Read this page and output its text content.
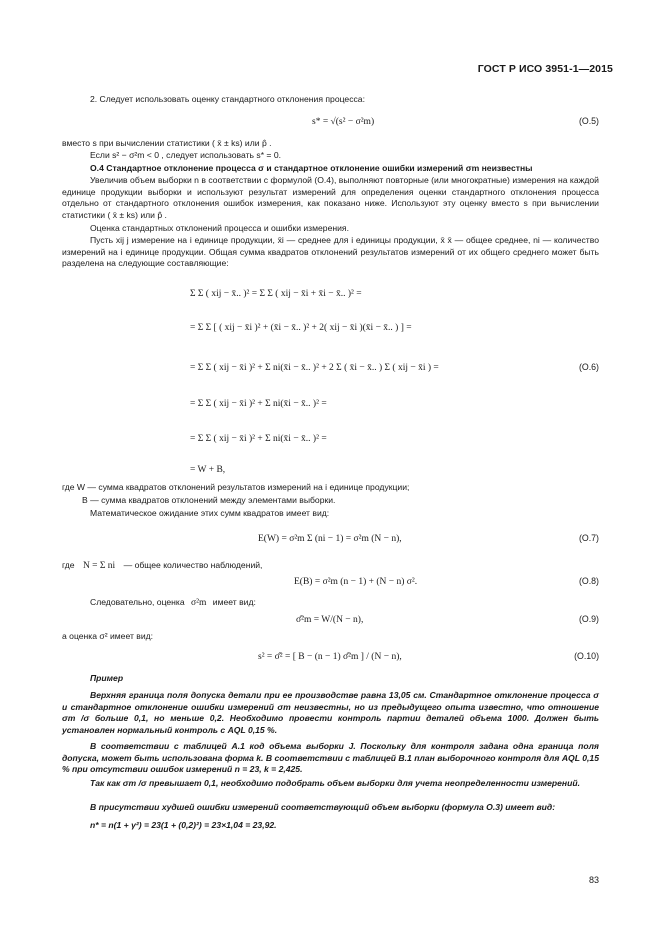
ГОСТ Р ИСО 3951-1—2015
2. Следует использовать оценку стандартного отклонения процесса:
s* = √(s² − σ²m)	(О.5)
вместо s при вычислении статистики ( x̄ ± ks) или p̂ .
Если s² − σ²m < 0 , следует использовать s* = 0.
О.4 Стандартное отклонение процесса σ и стандартное отклонение ошибки измерений σm неизвестны
Увеличив объем выборки n в соответствии с формулой (О.4), выполняют повторные (или многократные) измерения на каждой единице продукции выборки и используют результат измерений для определения оценки стандартного отклонения процесса отдельно от стандартного отклонения ошибок измерения, как показано ниже. Используют эту оценку вместо s при вычислении статистики ( x̄ ± ks) или p̂ .
Оценка стандартных отклонений процесса и ошибки измерения.
Пусть xij j измерение на i единице продукции, x̄i — среднее для i единицы продукции, x̄ x̄ — общее среднее, ni — количество измерений на i единице продукции. Общая сумма квадратов отклонений результатов измерений от их общего среднего может быть разделена на следующие составляющие:
Σ Σ ( xij − x̄.. )² = Σ Σ ( xij − x̄i + x̄i − x̄.. )² =
= Σ Σ [ ( xij − x̄i )² + (x̄i − x̄.. )² + 2( xij − x̄i )(x̄i − x̄.. ) ] =
= Σ Σ ( xij − x̄i )² + Σ ni(x̄i − x̄.. )² + 2 Σ ( x̄i − x̄.. ) Σ ( xij − x̄i ) =	(О.6)
= Σ Σ ( xij − x̄i )² + Σ ni(x̄i − x̄.. )² =
= Σ Σ ( xij − x̄i )² + Σ ni(x̄i − x̄.. )² =
= W + B,
где W — сумма квадратов отклонений результатов измерений на i единице продукции;
B — сумма квадратов отклонений между элементами выборки.
Математическое ожидание этих сумм квадратов имеет вид:
E(W) = σ²m Σ (ni − 1) = σ²m (N − n),	(О.7)
где N = Σ ni — общее количество наблюдений,
E(B) = σ²m (n − 1) + (N − n) σ².	(О.8)
Следовательно, оценка σ²m имеет вид:
σ̂²m = W/(N − n),	(О.9)
а оценка σ² имеет вид:
s² = σ̂² = [ B − (n − 1) σ̂²m ] / (N − n),	(О.10)
Пример
Верхняя граница поля допуска детали при ее производстве равна 13,05 см. Стандартное отклонение процесса σ и стандартное отклонение ошибки измерений σm неизвестны, но из предыдущего опыта известно, что отношение σm /σ больше 0,1, но меньше 0,2. Необходимо провести контроль партии деталей объема 1000. Должен быть установлен нормальный контроль с AQL 0,15 %.
В соответствии с таблицей А.1 код объема выборки J. Поскольку для контроля задана одна граница поля допуска, может быть использована форма k. В соответствии с таблицей В.1 план выборочного контроля для AQL 0,15 % при отсутствии ошибок измерений n = 23, k = 2,425.
Так как σm /σ превышает 0,1, необходимо подобрать объем выборки для учета неопределенности измерений.
В присутствии худшей ошибки измерений соответствующий объем выборки (формула О.3) имеет вид:
n* = n(1 + γ²) = 23(1 + (0,2)²) = 23×1,04 = 23,92.
83
